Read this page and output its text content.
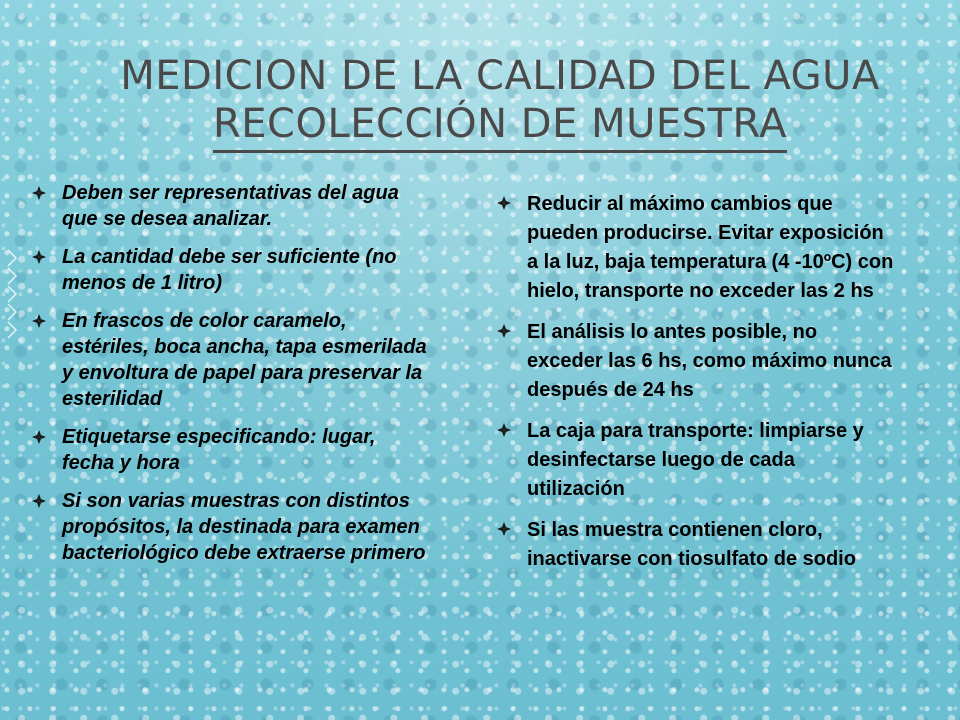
MEDICION DE LA CALIDAD DEL AGUA
RECOLECCIÓN DE MUESTRA
Deben ser representativas del agua que se desea analizar.
La cantidad debe ser suficiente (no menos de 1 litro)
En frascos de color caramelo, estériles, boca ancha, tapa esmerilada y envoltura de papel para preservar la esterilidad
Etiquetarse especificando: lugar, fecha y hora
Si son varias muestras con distintos propósitos, la destinada para examen bacteriológico debe extraerse primero
Reducir al máximo cambios que pueden producirse. Evitar exposición a la luz, baja temperatura (4 -10ºC) con hielo, transporte no exceder las 2 hs
El análisis lo antes posible, no exceder las 6 hs, como máximo nunca después de 24 hs
La caja para transporte: limpiarse y desinfectarse luego de cada utilización
Si las muestra contienen cloro, inactivarse con tiosulfato de sodio
